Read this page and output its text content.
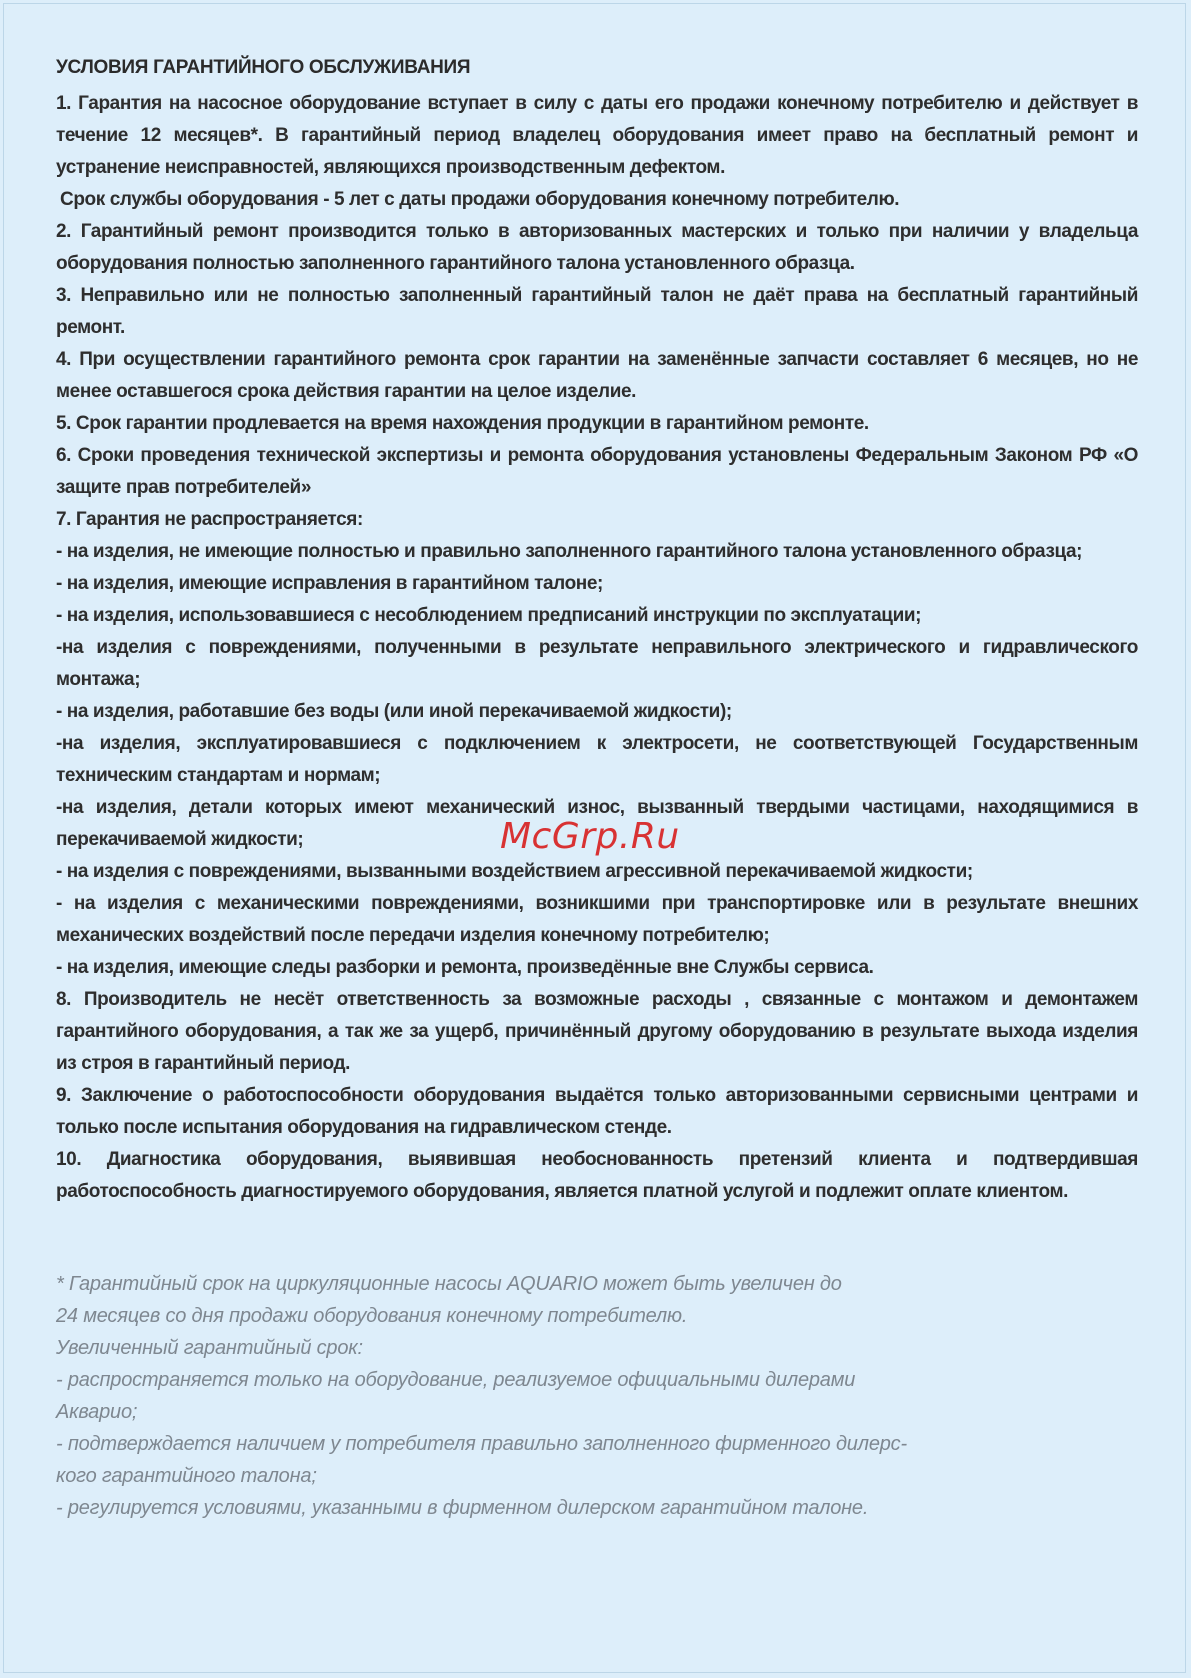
УСЛОВИЯ ГАРАНТИЙНОГО ОБСЛУЖИВАНИЯ

1. Гарантия на насосное оборудование вступает в силу с даты его продажи конечному потребителю и действует в течение 12 месяцев*. В гарантийный период владелец оборудования имеет право на бесплатный ремонт и устранение неисправностей, являющихся производственным дефектом.

Срок службы оборудования - 5 лет с даты продажи оборудования конечному потребителю.

2. Гарантийный ремонт производится только в авторизованных мастерских и только при наличии у владельца оборудования полностью заполненного гарантийного талона установленного образца.

3. Неправильно или не полностью заполненный гарантийный талон не даёт права на бесплатный гарантийный ремонт.

4. При осуществлении гарантийного ремонта срок гарантии на заменённые запчасти составляет 6 месяцев, но не менее оставшегося срока действия гарантии на целое изделие.

5. Срок гарантии продлевается на время нахождения продукции в гарантийном ремонте.

6. Сроки проведения технической экспертизы и ремонта оборудования установлены Федеральным Законом РФ «О защите прав потребителей»

7. Гарантия не распространяется:

- на изделия, не имеющие полностью и правильно заполненного гарантийного талона установленного образца;

- на изделия, имеющие исправления в гарантийном талоне;

- на изделия, использовавшиеся с несоблюдением предписаний инструкции по эксплуатации;

-на изделия с повреждениями, полученными в результате неправильного электрического и гидравлического монтажа;

- на изделия, работавшие без воды (или иной перекачиваемой жидкости);

-на изделия, эксплуатировавшиеся с подключением к электросети, не соответствующей Государственным техническим стандартам и нормам;

-на изделия, детали которых имеют механический износ, вызванный твердыми частицами, находящимися в перекачиваемой жидкости;

- на изделия с повреждениями, вызванными воздействием агрессивной перекачиваемой жидкости;

- на изделия с механическими повреждениями, возникшими при транспортировке или в результате внешних механических воздействий после передачи изделия конечному потребителю;

- на изделия, имеющие следы разборки и ремонта, произведённые вне Службы сервиса.

8. Производитель не несёт ответственность за возможные расходы , связанные с монтажом и демонтажем гарантийного оборудования, а так же за ущерб, причинённый другому оборудованию в результате выхода изделия из строя в гарантийный период.

9. Заключение о работоспособности оборудования выдаётся только авторизованными сервисными центрами и только после испытания оборудования на гидравлическом стенде.

10. Диагностика оборудования, выявившая необоснованность претензий клиента и подтвердившая работоспособность диагностируемого оборудования, является платной услугой и подлежит оплате клиентом.

* Гарантийный срок на циркуляционные насосы AQUARIO может быть увеличен до

24 месяцев со дня продажи оборудования конечному потребителю.

Увеличенный гарантийный срок:

- распространяется только на оборудование, реализуемое официальными дилерами

Акварио;

- подтверждается наличием у потребителя правильно заполненного фирменного дилерс-

кого гарантийного талона;

- регулируется условиями, указанными в фирменном дилерском гарантийном талоне.

McGrp.Ru
